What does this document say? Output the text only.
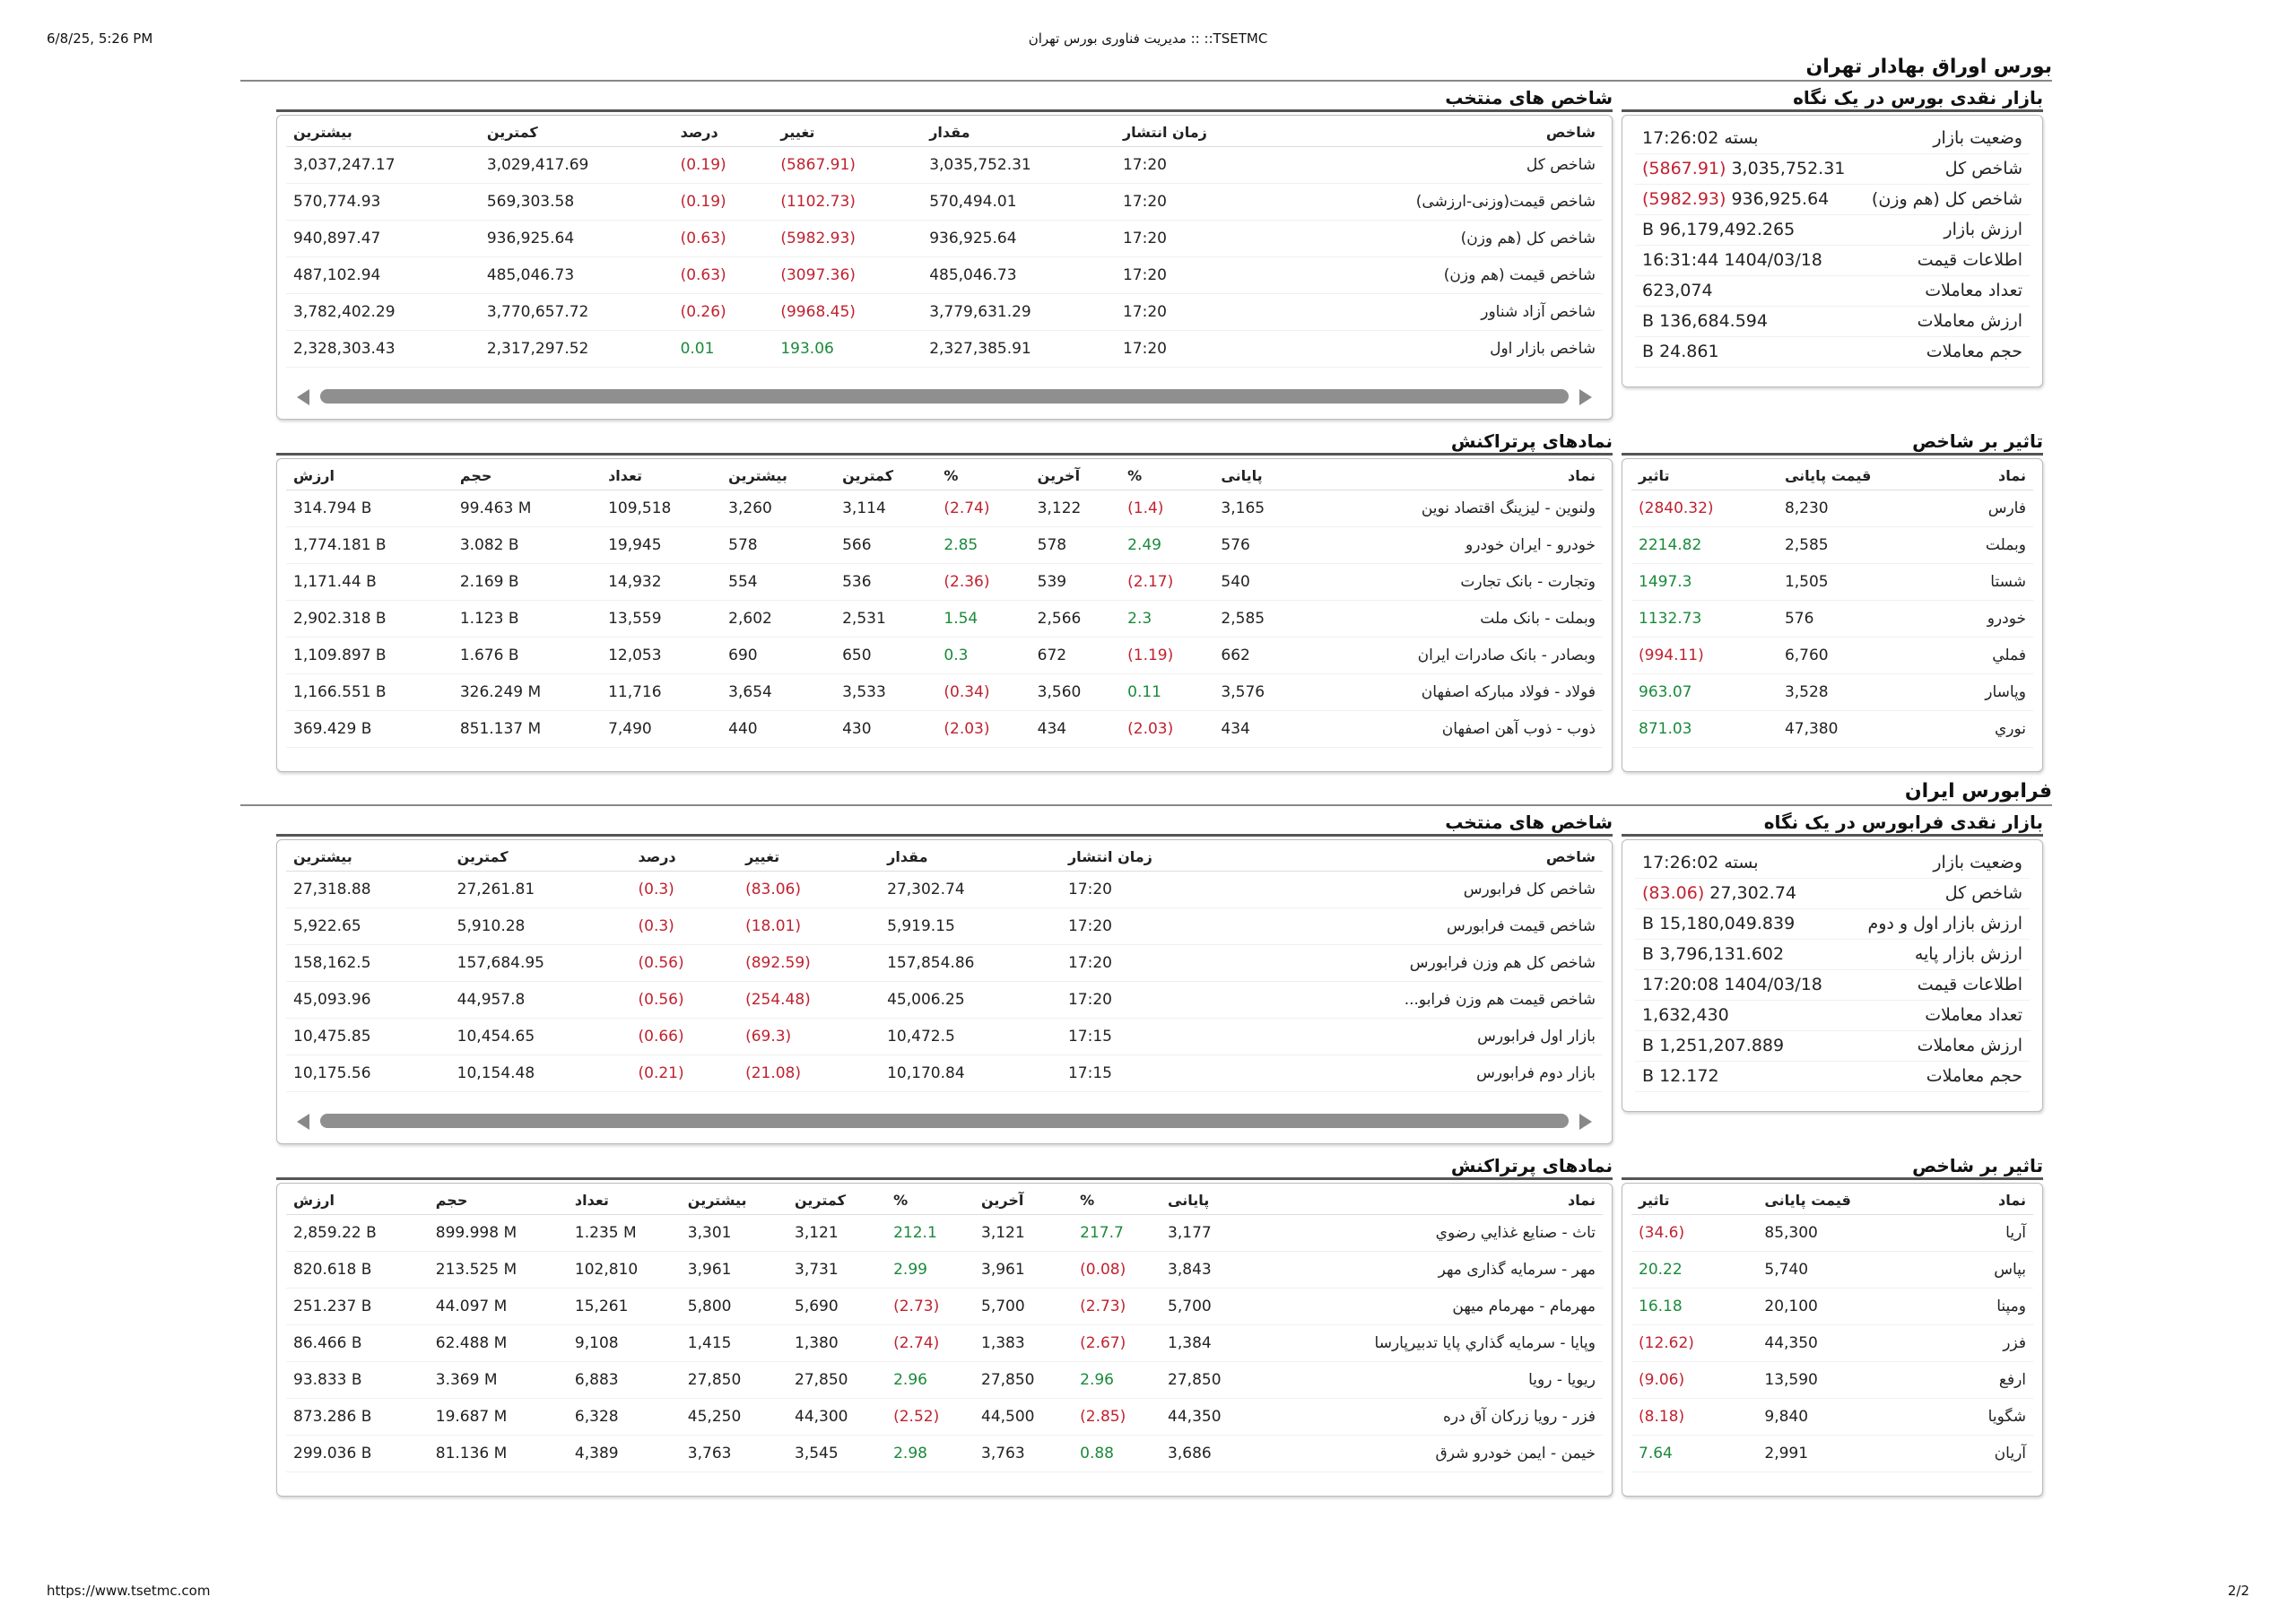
6/8/25, 5:26 PM	مدیریت فناوری بورس تهران :: ::TSETMC
https://www.tsetmc.com	2/2
بورس اوراق بهادار تهران
بازار نقدی بورس در یک نگاه
وضعیت بازار	بسته 17:26:02
شاخص کل	3,035,752.31 (5867.91)
شاخص کل (هم وزن)	936,925.64 (5982.93)
ارزش بازار	96,179,492.265 B
اطلاعات قیمت	1404/03/18 16:31:44
تعداد معاملات	623,074
ارزش معاملات	136,684.594 B
حجم معاملات	24.861 B
شاخص های منتخب
شاخص	زمان انتشار	مقدار	تغییر	درصد	کمترین	بیشترین
شاخص کل	17:20	3,035,752.31	(5867.91)	(0.19)	3,029,417.69	3,037,247.17
شاخص قیمت(وزنی-ارزشی)	17:20	570,494.01	(1102.73)	(0.19)	569,303.58	570,774.93
شاخص کل (هم وزن)	17:20	936,925.64	(5982.93)	(0.63)	936,925.64	940,897.47
شاخص قیمت (هم وزن)	17:20	485,046.73	(3097.36)	(0.63)	485,046.73	487,102.94
شاخص آزاد شناور	17:20	3,779,631.29	(9968.45)	(0.26)	3,770,657.72	3,782,402.29
شاخص بازار اول	17:20	2,327,385.91	193.06	0.01	2,317,297.52	2,328,303.43
تاثیر بر شاخص
نماد	قیمت پایانی	تاثیر
فارس	8,230	(2840.32)
وبملت	2,585	2214.82
شستا	1,505	1497.3
خودرو	576	1132.73
فملي	6,760	(994.11)
وپاسار	3,528	963.07
نوري	47,380	871.03
نمادهای پرتراکنش
نماد	پایانی	%	آخرین	%	کمترین	بیشترین	تعداد	حجم	ارزش
ولنوین - لیزینگ اقتصاد نوین	3,165	(1.4)	3,122	(2.74)	3,114	3,260	109,518	99.463 M	314.794 B
خودرو - ایران خودرو	576	2.49	578	2.85	566	578	19,945	3.082 B	1,774.181 B
وتجارت - بانک تجارت	540	(2.17)	539	(2.36)	536	554	14,932	2.169 B	1,171.44 B
وبملت - بانک ملت	2,585	2.3	2,566	1.54	2,531	2,602	13,559	1.123 B	2,902.318 B
وبصادر - بانک صادرات ایران	662	(1.19)	672	0.3	650	690	12,053	1.676 B	1,109.897 B
فولاد - فولاد مبارکه اصفهان	3,576	0.11	3,560	(0.34)	3,533	3,654	11,716	326.249 M	1,166.551 B
ذوب - ذوب آهن اصفهان	434	(2.03)	434	(2.03)	430	440	7,490	851.137 M	369.429 B
فرابورس ایران
بازار نقدی فرابورس در یک نگاه
وضعیت بازار	بسته 17:26:02
شاخص کل	27,302.74 (83.06)
ارزش بازار اول و دوم	15,180,049.839 B
ارزش بازار پایه	3,796,131.602 B
اطلاعات قیمت	1404/03/18 17:20:08
تعداد معاملات	1,632,430
ارزش معاملات	1,251,207.889 B
حجم معاملات	12.172 B
شاخص های منتخب
شاخص	زمان انتشار	مقدار	تغییر	درصد	کمترین	بیشترین
شاخص کل فرابورس	17:20	27,302.74	(83.06)	(0.3)	27,261.81	27,318.88
شاخص قیمت فرابورس	17:20	5,919.15	(18.01)	(0.3)	5,910.28	5,922.65
شاخص کل هم وزن فرابورس	17:20	157,854.86	(892.59)	(0.56)	157,684.95	158,162.5
شاخص قیمت هم وزن فرابو...	17:20	45,006.25	(254.48)	(0.56)	44,957.8	45,093.96
بازار اول فرابورس	17:15	10,472.5	(69.3)	(0.66)	10,454.65	10,475.85
بازار دوم فرابورس	17:15	10,170.84	(21.08)	(0.21)	10,154.48	10,175.56
تاثیر بر شاخص
نماد	قیمت پایانی	تاثیر
آریا	85,300	(34.6)
بپاس	5,740	20.22
ومپنا	20,100	16.18
فزر	44,350	(12.62)
ارفع	13,590	(9.06)
شگویا	9,840	(8.18)
آریان	2,991	7.64
نمادهای پرتراکنش
نماد	پایانی	%	آخرین	%	کمترین	بیشترین	تعداد	حجم	ارزش
تاث - صنایع غذایي رضوي	3,177	217.7	3,121	212.1	3,121	3,301	1.235 M	899.998 M	2,859.22 B
مهر - سرمایه گذاری مهر	3,843	(0.08)	3,961	2.99	3,731	3,961	102,810	213.525 M	820.618 B
مهرمام - مهرمام میهن	5,700	(2.73)	5,700	(2.73)	5,690	5,800	15,261	44.097 M	251.237 B
وپایا - سرمایه گذاري پایا تدبیرپارسا	1,384	(2.67)	1,383	(2.74)	1,380	1,415	9,108	62.488 M	86.466 B
ریویا - رویا	27,850	2.96	27,850	2.96	27,850	27,850	6,883	3.369 M	93.833 B
فزر - رویا زرکان آق دره	44,350	(2.85)	44,500	(2.52)	44,300	45,250	6,328	19.687 M	873.286 B
خیمن - ایمن خودرو شرق	3,686	0.88	3,763	2.98	3,545	3,763	4,389	81.136 M	299.036 B
